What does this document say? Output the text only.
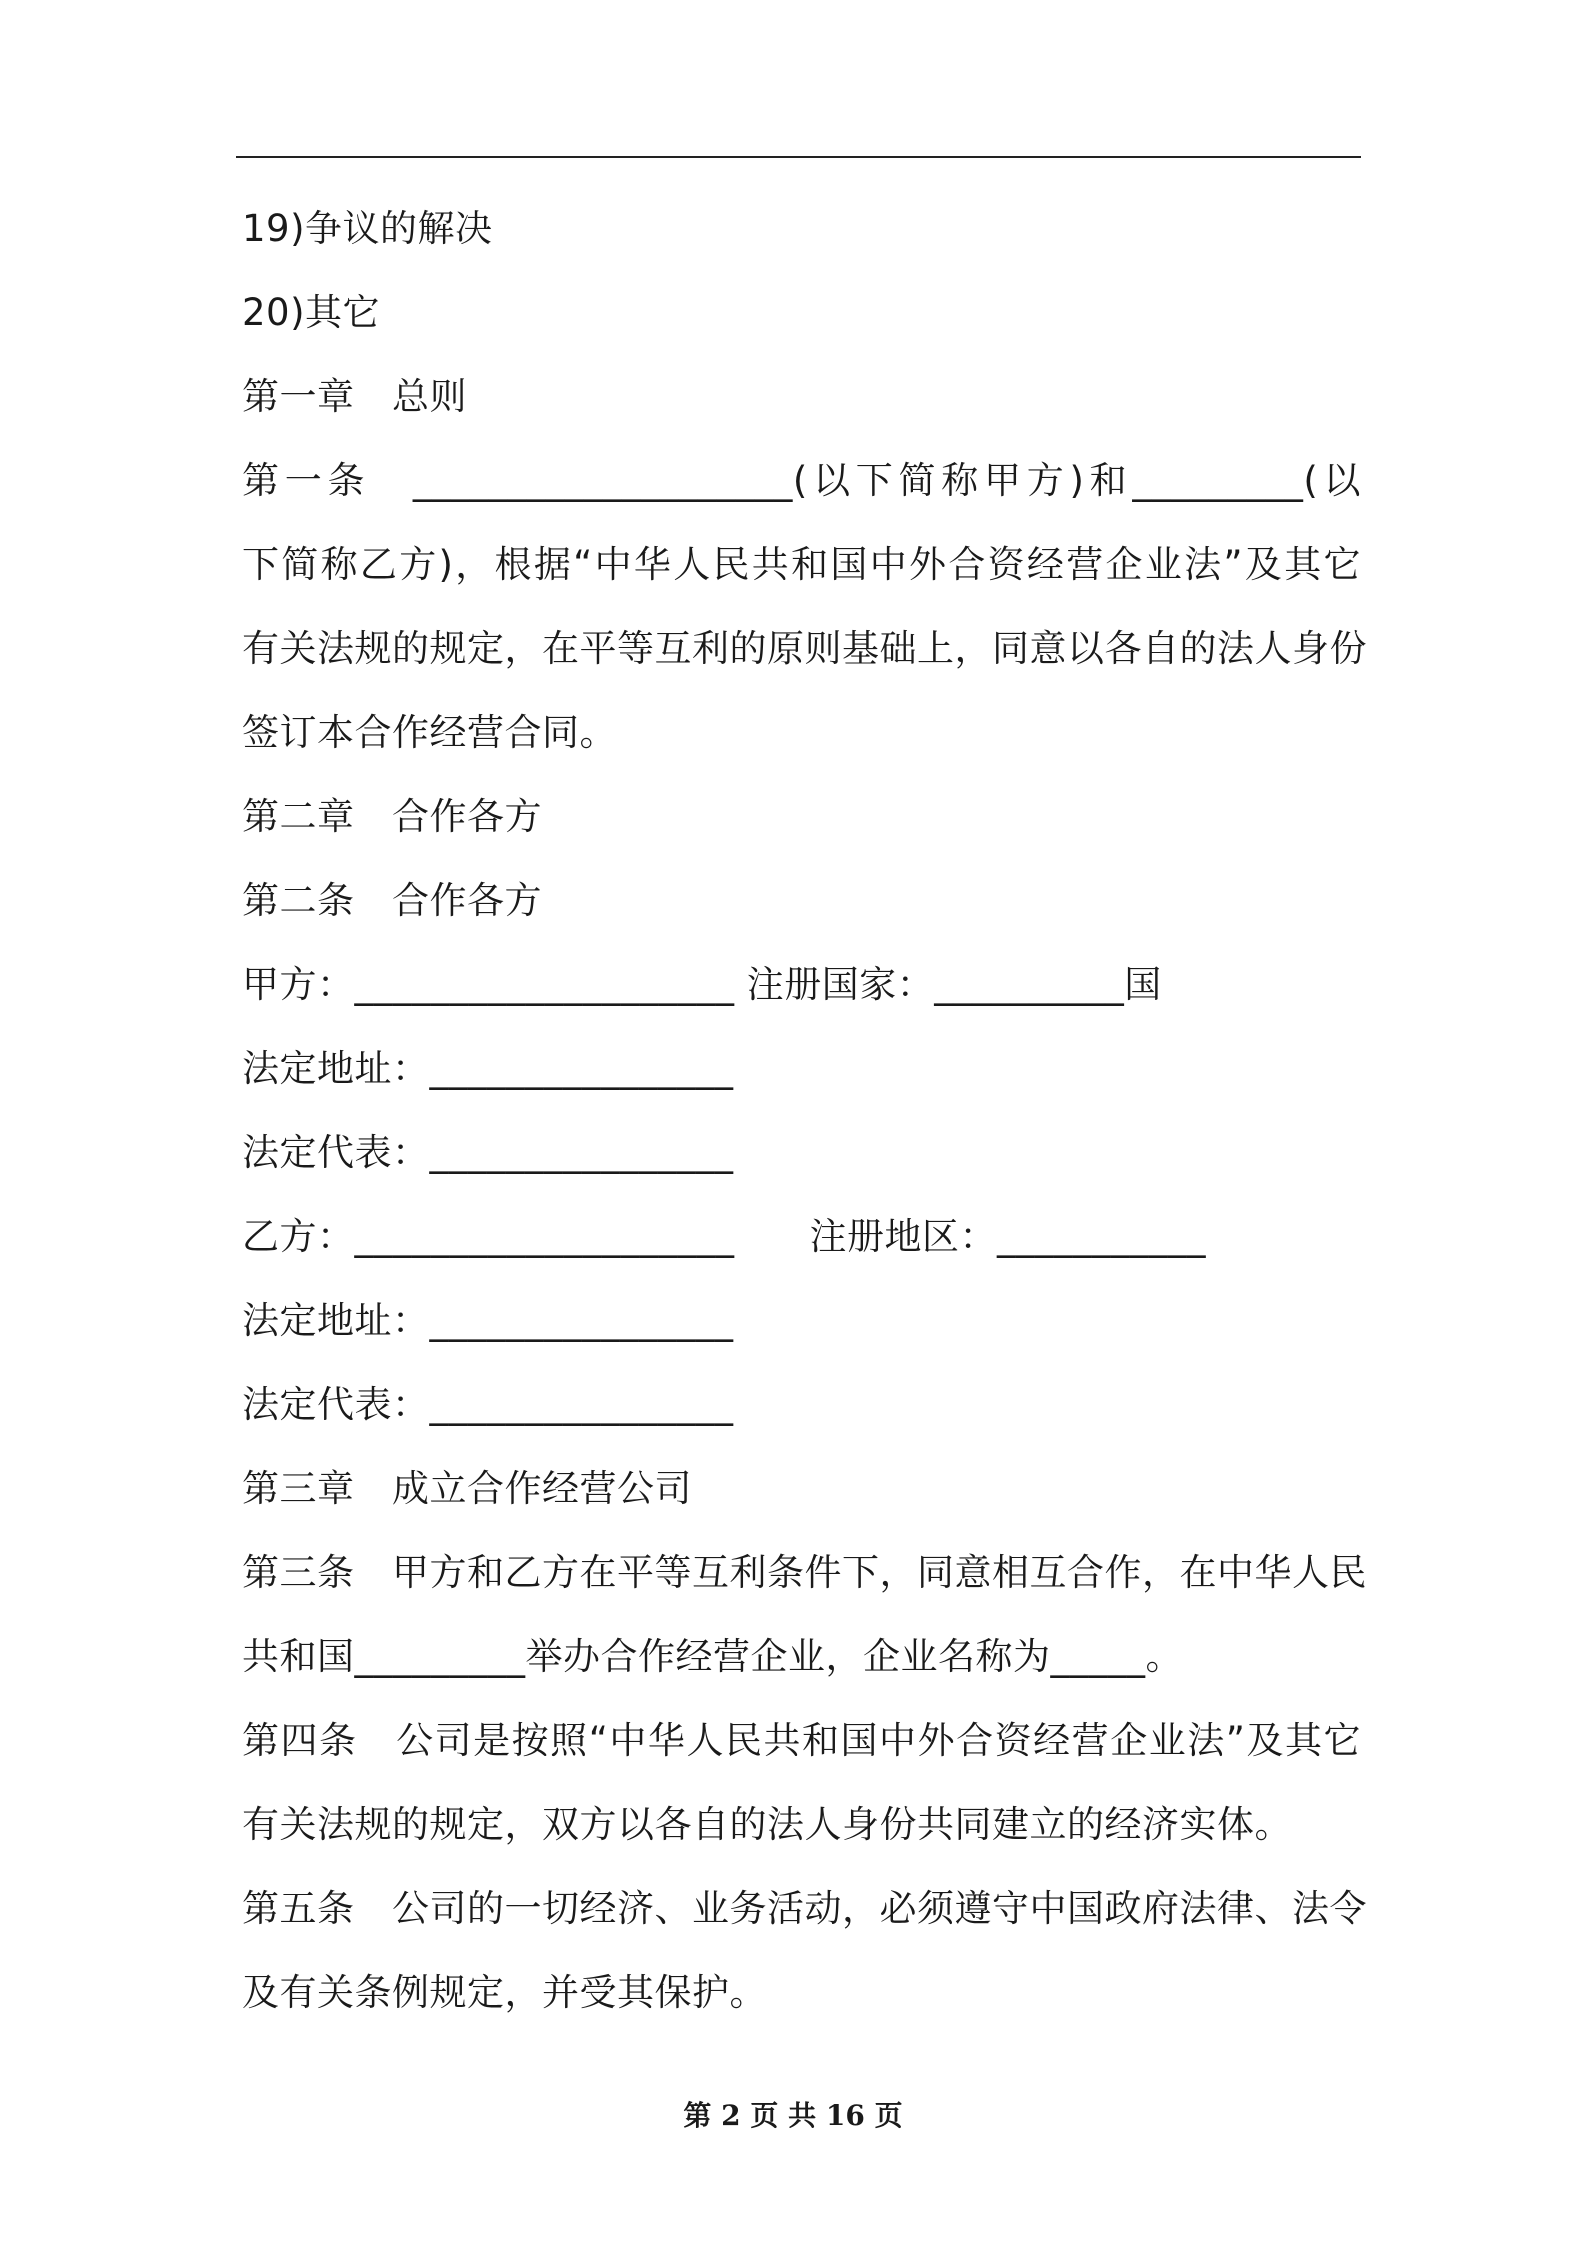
19)争议的解决
20)其它
第一章　总则
第一条　____________________(以下简称甲方)和_________(以
下简称乙方)，根据“中华人民共和国中外合资经营企业法”及其它
有关法规的规定，在平等互利的原则基础上，同意以各自的法人身份
签订本合作经营合同。
第二章　合作各方
第二条　合作各方
甲方：____________________ 注册国家：__________国
法定地址：________________
法定代表：________________
乙方：____________________　　注册地区：___________
法定地址：________________
法定代表：________________
第三章　成立合作经营公司
第三条　甲方和乙方在平等互利条件下，同意相互合作，在中华人民
共和国_________举办合作经营企业，企业名称为_____。
第四条　公司是按照“中华人民共和国中外合资经营企业法”及其它
有关法规的规定，双方以各自的法人身份共同建立的经济实体。
第五条　公司的一切经济、业务活动，必须遵守中国政府法律、法令
及有关条例规定，并受其保护。
第 2 页 共 16 页
